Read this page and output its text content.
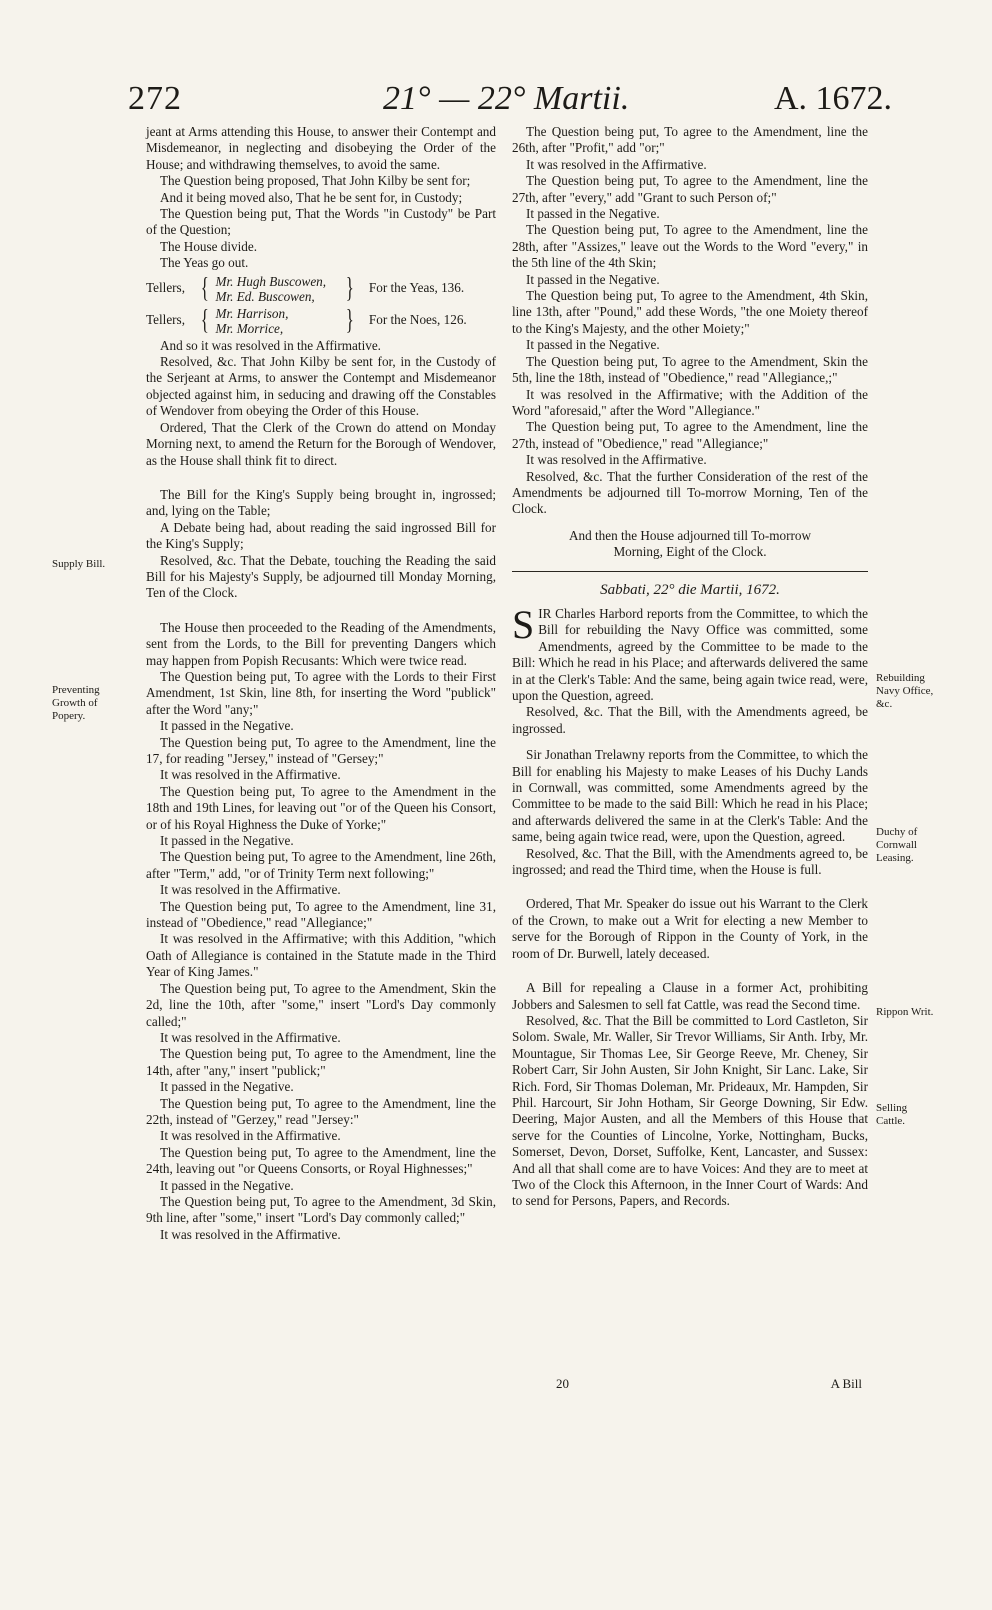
272	21° — 22° Martii.	A. 1672.

jeant at Arms attending this House, to answer their Contempt and Misdemeanor, in neglecting and disobeying the Order of the House; and withdrawing themselves, to avoid the same.

The Question being proposed, That John Kilby be sent for;

And it being moved also, That he be sent for, in Custody;

The Question being put, That the Words "in Custody" be Part of the Question;

The House divide.

The Yeas go out.

Tellers, { Mr. Hugh Buscowen,
Mr. Ed. Buscowen,	} For the Yeas, 136.
Tellers, { Mr. Harrison,
Mr. Morrice,	} For the Noes, 126.

And so it was resolved in the Affirmative.

Resolved, &c. That John Kilby be sent for, in the Custody of the Serjeant at Arms, to answer the Contempt and Misdemeanor objected against him, in seducing and drawing off the Constables of Wendover from obeying the Order of this House.

Ordered, That the Clerk of the Crown do attend on Monday Morning next, to amend the Return for the Borough of Wendover, as the House shall think fit to direct.

The Bill for the King's Supply being brought in, ingrossed; and, lying on the Table;

A Debate being had, about reading the said ingrossed Bill for the King's Supply;

Resolved, &c. That the Debate, touching the Reading the said Bill for his Majesty's Supply, be adjourned till Monday Morning, Ten of the Clock.

The House then proceeded to the Reading of the Amendments, sent from the Lords, to the Bill for preventing Dangers which may happen from Popish Recusants: Which were twice read.

The Question being put, To agree with the Lords to their First Amendment, 1st Skin, line 8th, for inserting the Word "publick" after the Word "any;"

It passed in the Negative.

The Question being put, To agree to the Amendment, line the 17, for reading "Jersey," instead of "Gersey;"

It was resolved in the Affirmative.

The Question being put, To agree to the Amendment in the 18th and 19th Lines, for leaving out "or of the Queen his Consort, or of his Royal Highness the Duke of Yorke;"

It passed in the Negative.

The Question being put, To agree to the Amendment, line 26th, after "Term," add, "or of Trinity Term next following;"

It was resolved in the Affirmative.

The Question being put, To agree to the Amendment, line 31, instead of "Obedience," read "Allegiance;"

It was resolved in the Affirmative; with this Addition, "which Oath of Allegiance is contained in the Statute made in the Third Year of King James."

The Question being put, To agree to the Amendment, Skin the 2d, line the 10th, after "some," insert "Lord's Day commonly called;"

It was resolved in the Affirmative.

The Question being put, To agree to the Amendment, line the 14th, after "any," insert "publick;"

It passed in the Negative.

The Question being put, To agree to the Amendment, line the 22th, instead of "Gerzey," read "Jersey:"

It was resolved in the Affirmative.

The Question being put, To agree to the Amendment, line the 24th, leaving out "or Queens Consorts, or Royal Highnesses;"

It passed in the Negative.

The Question being put, To agree to the Amendment, 3d Skin, 9th line, after "some," insert "Lord's Day commonly called;"

It was resolved in the Affirmative.

Supply Bill.
Preventing Growth of Popery.

The Question being put, To agree to the Amendment, line the 26th, after "Profit," add "or;"

It was resolved in the Affirmative.

The Question being put, To agree to the Amendment, line the 27th, after "every," add "Grant to such Person of;"

It passed in the Negative.

The Question being put, To agree to the Amendment, line the 28th, after "Assizes," leave out the Words to the Word "every," in the 5th line of the 4th Skin;

It passed in the Negative.

The Question being put, To agree to the Amendment, 4th Skin, line 13th, after "Pound," add these Words, "the one Moiety thereof to the King's Majesty, and the other Moiety;"

It passed in the Negative.

The Question being put, To agree to the Amendment, Skin the 5th, line the 18th, instead of "Obedience," read "Allegiance,;"

It was resolved in the Affirmative; with the Addition of the Word "aforesaid," after the Word "Allegiance."

The Question being put, To agree to the Amendment, line the 27th, instead of "Obedience," read "Allegiance;"

It was resolved in the Affirmative.

Resolved, &c. That the further Consideration of the rest of the Amendments be adjourned till To-morrow Morning, Ten of the Clock.

And then the House adjourned till To-morrow Morning, Eight of the Clock.

Sabbati, 22° die Martii, 1672.

SIR Charles Harbord reports from the Committee, to which the Bill for rebuilding the Navy Office was committed, some Amendments, agreed by the Committee to be made to the Bill: Which he read in his Place; and afterwards delivered the same in at the Clerk's Table: And the same, being again twice read, were, upon the Question, agreed.

Resolved, &c. That the Bill, with the Amendments agreed, be ingrossed.

Sir Jonathan Trelawny reports from the Committee, to which the Bill for enabling his Majesty to make Leases of his Duchy Lands in Cornwall, was committed, some Amendments agreed by the Committee to be made to the said Bill: Which he read in his Place; and afterwards delivered the same in at the Clerk's Table: And the same, being again twice read, were, upon the Question, agreed.

Resolved, &c. That the Bill, with the Amendments agreed to, be ingrossed; and read the Third time, when the House is full.

Ordered, That Mr. Speaker do issue out his Warrant to the Clerk of the Crown, to make out a Writ for electing a new Member to serve for the Borough of Rippon in the County of York, in the room of Dr. Burwell, lately deceased.

A Bill for repealing a Clause in a former Act, prohibiting Jobbers and Salesmen to sell fat Cattle, was read the Second time.

Resolved, &c. That the Bill be committed to Lord Castleton, Sir Solom. Swale, Mr. Waller, Sir Trevor Williams, Sir Anth. Irby, Mr. Mountague, Sir Thomas Lee, Sir George Reeve, Mr. Cheney, Sir Robert Carr, Sir John Austen, Sir John Knight, Sir Lanc. Lake, Sir Rich. Ford, Sir Thomas Doleman, Mr. Prideaux, Mr. Hampden, Sir Phil. Harcourt, Sir John Hotham, Sir George Downing, Sir Edw. Deering, Major Austen, and all the Members of this House that serve for the Counties of Lincolne, Yorke, Nottingham, Bucks, Somerset, Devon, Dorset, Suffolke, Kent, Lancaster, and Sussex: And all that shall come are to have Voices: And they are to meet at Two of the Clock this Afternoon, in the Inner Court of Wards: And to send for Persons, Papers, and Records.

Rebuilding Navy Office, &c.
Duchy of Cornwall Leasing.
Rippon Writ.
Selling Cattle.
20	A Bill
